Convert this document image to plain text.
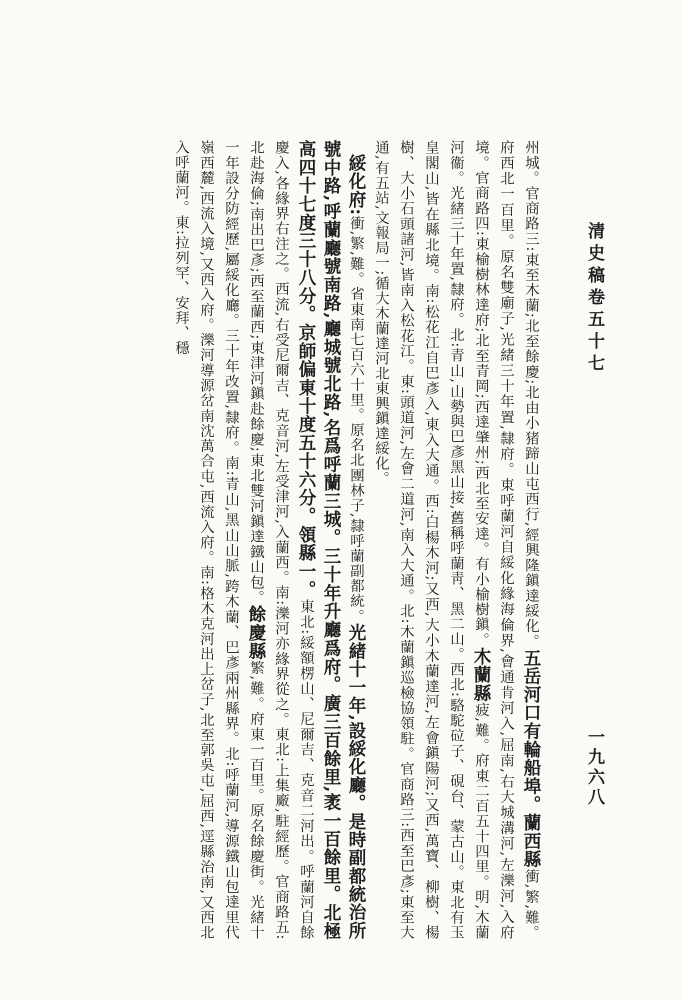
清史稿卷五十七

州城。官商路三:東至木蘭;北至餘慶;北由小猪蹄山屯西行,經興隆鎭達綏化。五岳河口有輪船埠。蘭西縣衝,繁,難。府西北一百里。原名雙廟子,光緒三十年置,隸府。東呼蘭河自綏化緣海倫界,會通肯河入,屈南,右大城溝河,左濼河,入府境。官商路四:東榆樹林達府;北至青岡;西達肇州;西北至安達。有小榆樹鎭。木蘭縣疲,難。府東二百五十四里。明,木蘭河衞。光緒三十年置,隸府。北:青山,山勢與巴彥黑山接,舊稱呼蘭靑、黑二山。西北:駱駝砬子、硯台、蒙古山。東北有玉皇閣山,皆在縣北境。南:松花江自巴彥入,東入大通。西:白楊木河;又西,大小木蘭達河,左會鎭陽河;又西,萬寶、柳樹、楊樹、大小石頭諸河,皆南入松花江。東:頭道河,左會二道河,南入大通。北:木蘭鎭巡檢協領駐。官商路三:西至巴彥;東至大通,有五站,文報局一;循大木蘭達河北東興鎭達綏化。

綏化府:衝,繁,難。省東南七百六十里。原名北團林子,隸呼蘭副都統。光緒十一年,設綏化廳。是時副都統治所號中路,呼蘭廳號南路,廳城號北路,名爲呼蘭三城。三十年升廳爲府。廣三百餘里,袤一百餘里。北極高四十七度三十八分。京師偏東十度五十六分。領縣一。東北:綏額楞山、尼爾吉、克音二河出。呼蘭河自餘慶入,各緣界右注之。西流,右受尼爾吉、克音河,左受津河,入蘭西。南:濼河亦緣界從之。東北:上集廠,駐經歷。官商路五:北赴海倫;南出巴彥;西至蘭西;東津河鎭赴餘慶;東北雙河鎭達鐵山包。餘慶縣繁,難。府東一百里。原名餘慶街。光緒十一年設分防經歷,屬綏化廳。三十年改置,隸府。南:青山,黑山山脈,跨木蘭、巴彥兩州縣界。北:呼蘭河,導源鐵山包達里代嶺西麓,西流入境,又西入府。濼河導源岔南沈萬合屯,西流入府。南:格木克河出上岔子,北至郭吳屯,屈西,逕縣治南,又西北入呼蘭河。東:拉列罕、安拜、穩

一九六八
